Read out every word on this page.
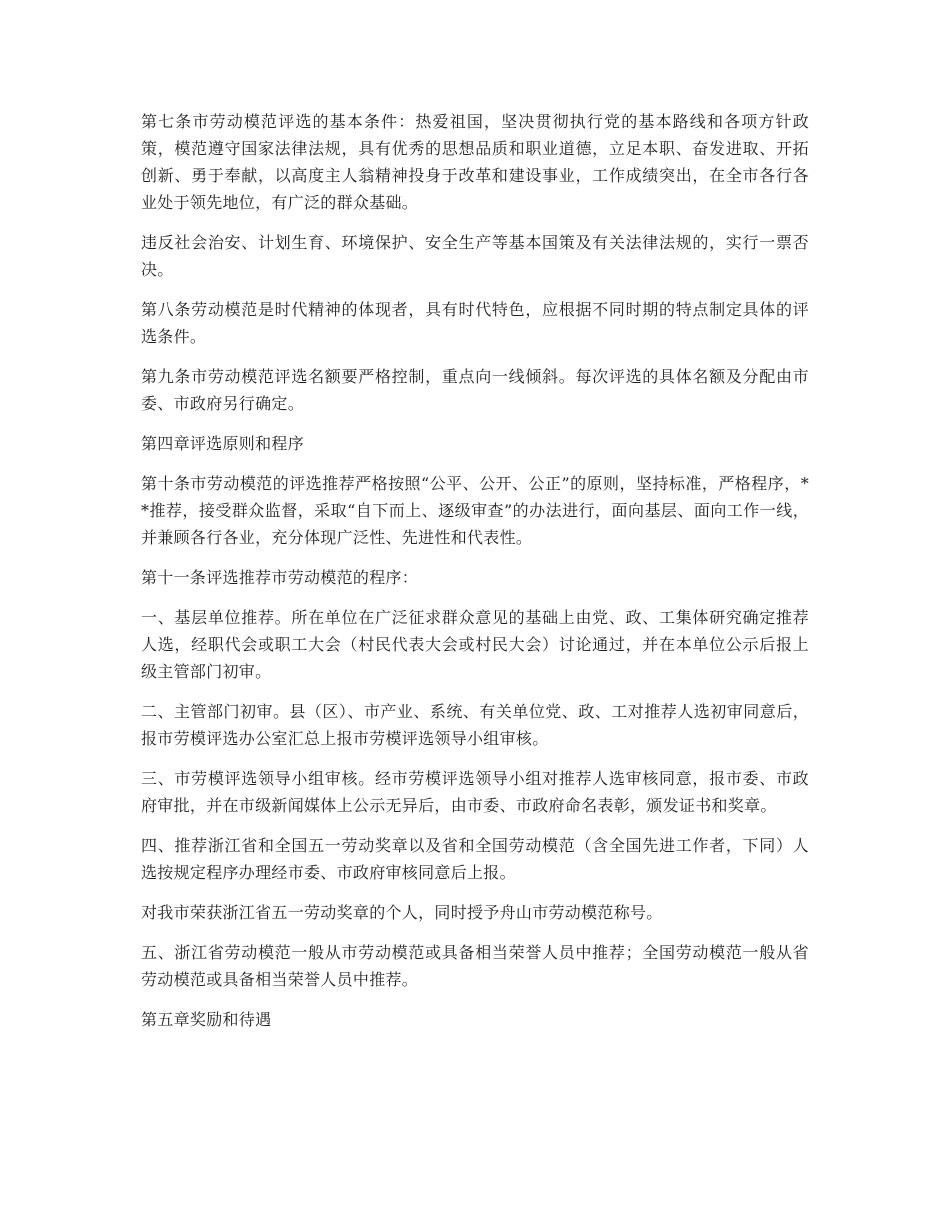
第七条市劳动模范评选的基本条件：热爱祖国，坚决贯彻执行党的基本路线和各项方针政策，模范遵守国家法律法规，具有优秀的思想品质和职业道德，立足本职、奋发进取、开拓创新、勇于奉献，以高度主人翁精神投身于改革和建设事业，工作成绩突出，在全市各行各业处于领先地位，有广泛的群众基础。

违反社会治安、计划生育、环境保护、安全生产等基本国策及有关法律法规的，实行一票否决。

第八条劳动模范是时代精神的体现者，具有时代特色，应根据不同时期的特点制定具体的评选条件。

第九条市劳动模范评选名额要严格控制，重点向一线倾斜。每次评选的具体名额及分配由市委、市政府另行确定。

第四章评选原则和程序

第十条市劳动模范的评选推荐严格按照“公平、公开、公正”的原则，坚持标准，严格程序，**推荐，接受群众监督，采取“自下而上、逐级审查”的办法进行，面向基层、面向工作一线，并兼顾各行各业，充分体现广泛性、先进性和代表性。

第十一条评选推荐市劳动模范的程序：

一、基层单位推荐。所在单位在广泛征求群众意见的基础上由党、政、工集体研究确定推荐人选，经职代会或职工大会（村民代表大会或村民大会）讨论通过，并在本单位公示后报上级主管部门初审。

二、主管部门初审。县（区）、市产业、系统、有关单位党、政、工对推荐人选初审同意后，报市劳模评选办公室汇总上报市劳模评选领导小组审核。

三、市劳模评选领导小组审核。经市劳模评选领导小组对推荐人选审核同意，报市委、市政府审批，并在市级新闻媒体上公示无异后，由市委、市政府命名表彰，颁发证书和奖章。

四、推荐浙江省和全国五一劳动奖章以及省和全国劳动模范（含全国先进工作者，下同）人选按规定程序办理经市委、市政府审核同意后上报。

对我市荣获浙江省五一劳动奖章的个人，同时授予舟山市劳动模范称号。

五、浙江省劳动模范一般从市劳动模范或具备相当荣誉人员中推荐；全国劳动模范一般从省劳动模范或具备相当荣誉人员中推荐。

第五章奖励和待遇
